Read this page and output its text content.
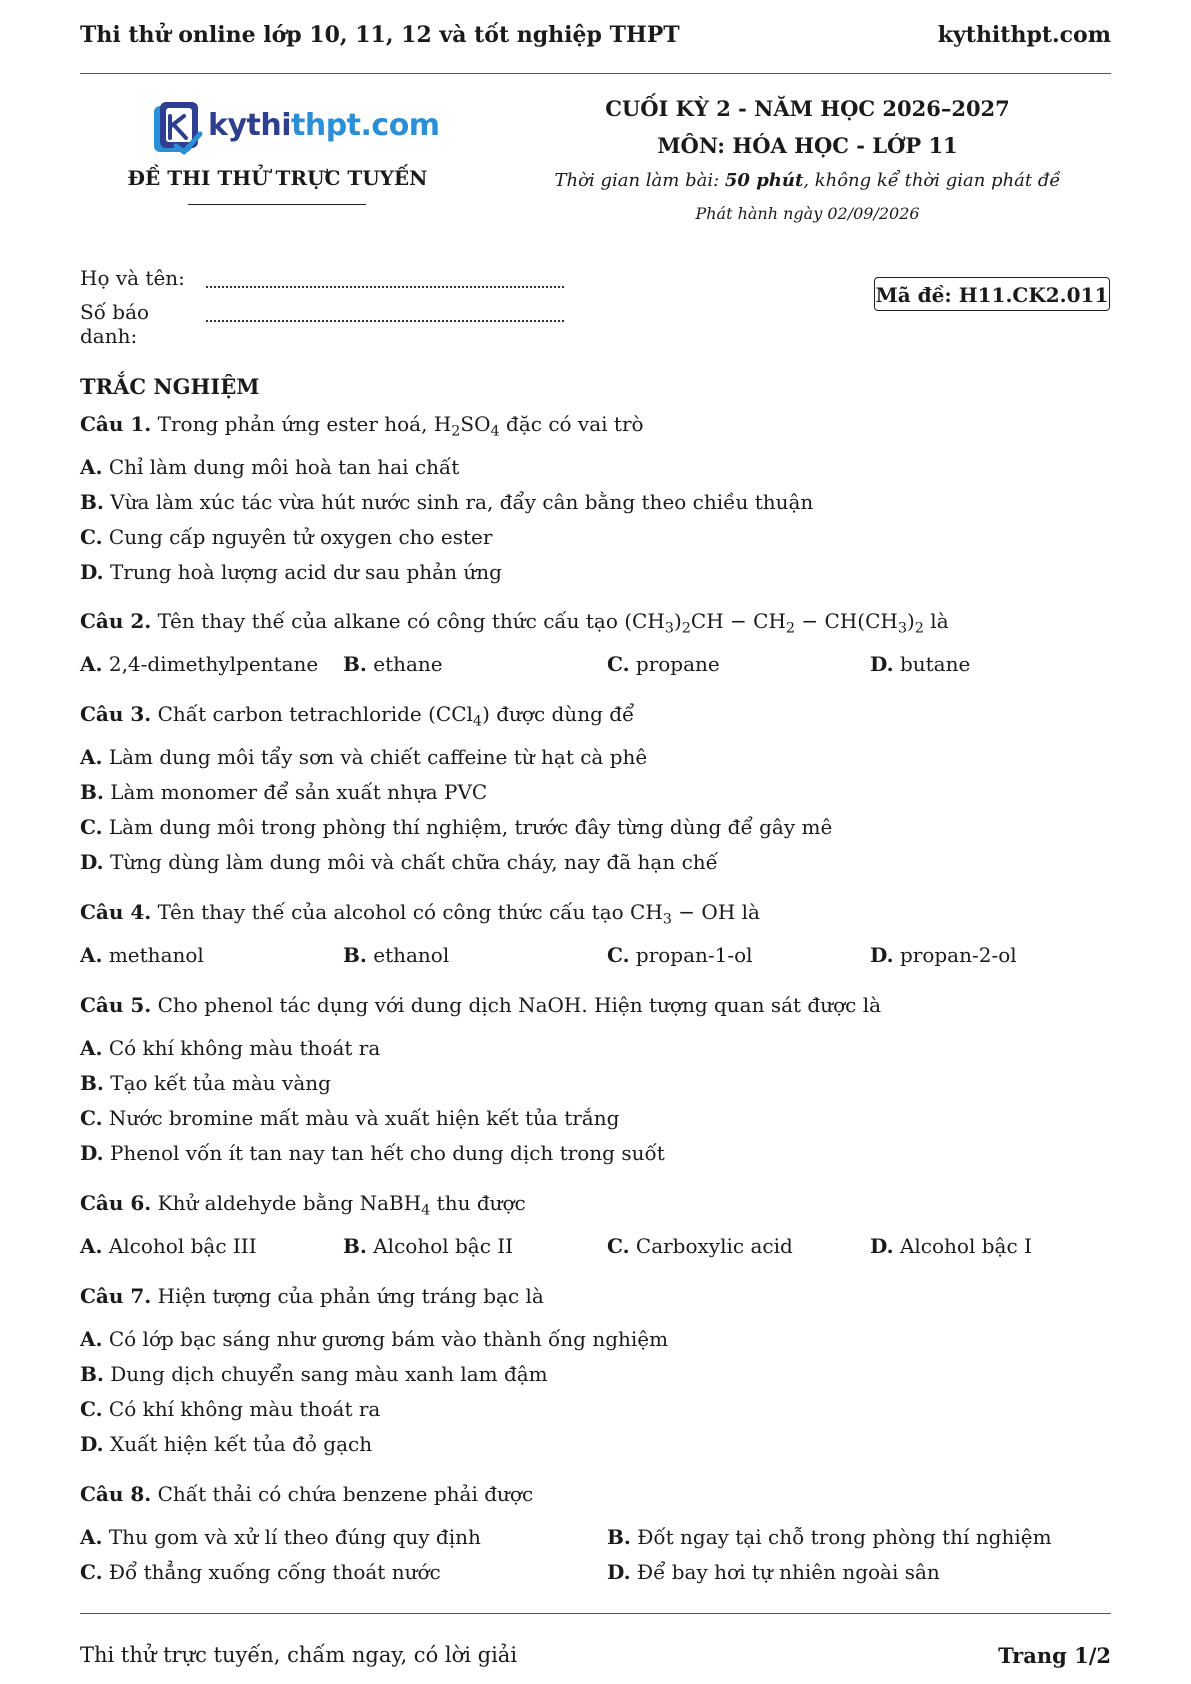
Thi thử online lớp 10, 11, 12 và tốt nghiệp THPT	kythithpt.com
kythithpt.com
ĐỀ THI THỬ TRỰC TUYẾN
CUỐI KỲ 2 - NĂM HỌC 2026–2027
MÔN: HÓA HỌC - LỚP 11
Thời gian làm bài: 50 phút, không kể thời gian phát đề
Phát hành ngày 02/09/2026
Họ và tên:
Số báo danh:
Mã đề: H11.CK2.011
TRẮC NGHIỆM
Câu 1. Trong phản ứng ester hoá, $H_2SO_4$ đặc có vai trò
A. Chỉ làm dung môi hoà tan hai chất
B. Vừa làm xúc tác vừa hút nước sinh ra, đẩy cân bằng theo chiều thuận
C. Cung cấp nguyên tử oxygen cho ester
D. Trung hoà lượng acid dư sau phản ứng
Câu 2. Tên thay thế của alkane có công thức cấu tạo $(CH_3)_2CH - CH_2 - CH(CH_3)_2$ là
A. 2,4-dimethylpentane B. ethane	C. propane	D. butane
Câu 3. Chất carbon tetrachloride (CCl$_4$) được dùng để
A. Làm dung môi tẩy sơn và chiết caffeine từ hạt cà phê
B. Làm monomer để sản xuất nhựa PVC
C. Làm dung môi trong phòng thí nghiệm, trước đây từng dùng để gây mê
D. Từng dùng làm dung môi và chất chữa cháy, nay đã hạn chế
Câu 4. Tên thay thế của alcohol có công thức cấu tạo $CH_3$ − OH là
A. methanol	B. ethanol	C. propan-1-ol	D. propan-2-ol
Câu 5. Cho phenol tác dụng với dung dịch NaOH. Hiện tượng quan sát được là
A. Có khí không màu thoát ra
B. Tạo kết tủa màu vàng
C. Nước bromine mất màu và xuất hiện kết tủa trắng
D. Phenol vốn ít tan nay tan hết cho dung dịch trong suốt
Câu 6. Khử aldehyde bằng NaBH$_4$ thu được
A. Alcohol bậc III	B. Alcohol bậc II	C. Carboxylic acid	D. Alcohol bậc I
Câu 7. Hiện tượng của phản ứng tráng bạc là
A. Có lớp bạc sáng như gương bám vào thành ống nghiệm
B. Dung dịch chuyển sang màu xanh lam đậm
C. Có khí không màu thoát ra
D. Xuất hiện kết tủa đỏ gạch
Câu 8. Chất thải có chứa benzene phải được
A. Thu gom và xử lí theo đúng quy định	B. Đốt ngay tại chỗ trong phòng thí nghiệm
C. Đổ thẳng xuống cống thoát nước	D. Để bay hơi tự nhiên ngoài sân
Thi thử trực tuyến, chấm ngay, có lời giải	Trang 1/2
